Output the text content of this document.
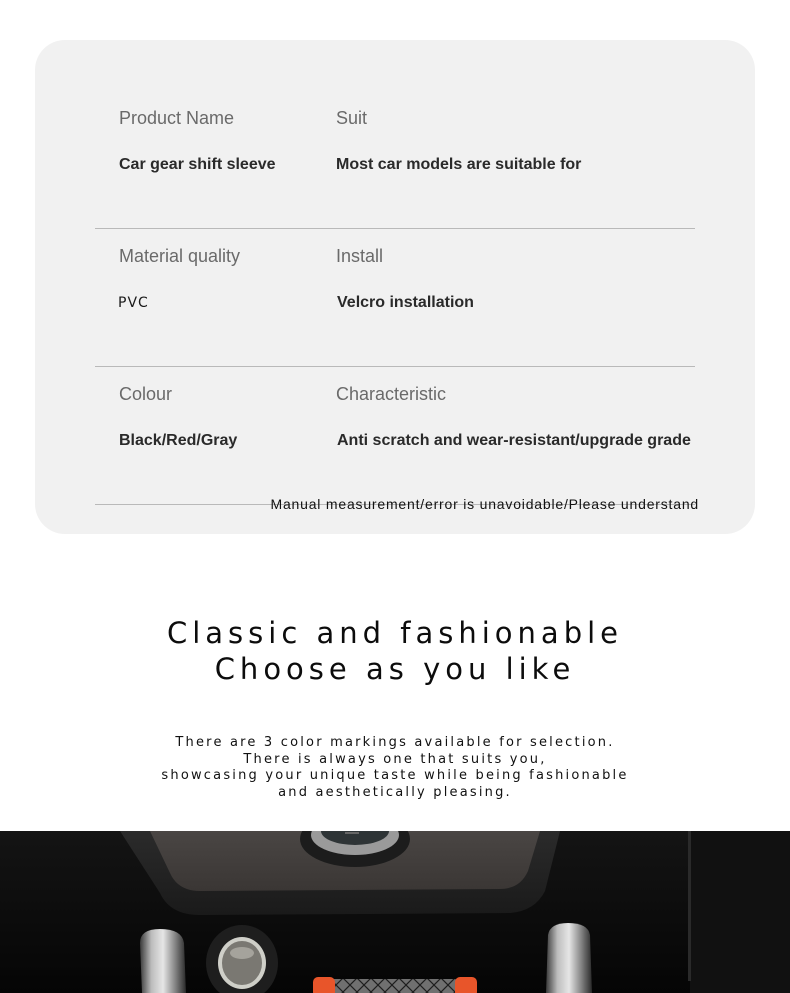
Product Name
Car gear shift sleeve
Suit
Most car models are suitable for
Material quality
PVC
Install
Velcro installation
Colour
Black/Red/Gray
Characteristic
Anti scratch and wear-resistant/upgrade grade
Manual measurement/error is unavoidable/Please understand
Classic and fashionable
Choose as you like
There are 3 color markings available for selection.
There is always one that suits you,
showcasing your unique taste while being fashionable
and aesthetically pleasing.
